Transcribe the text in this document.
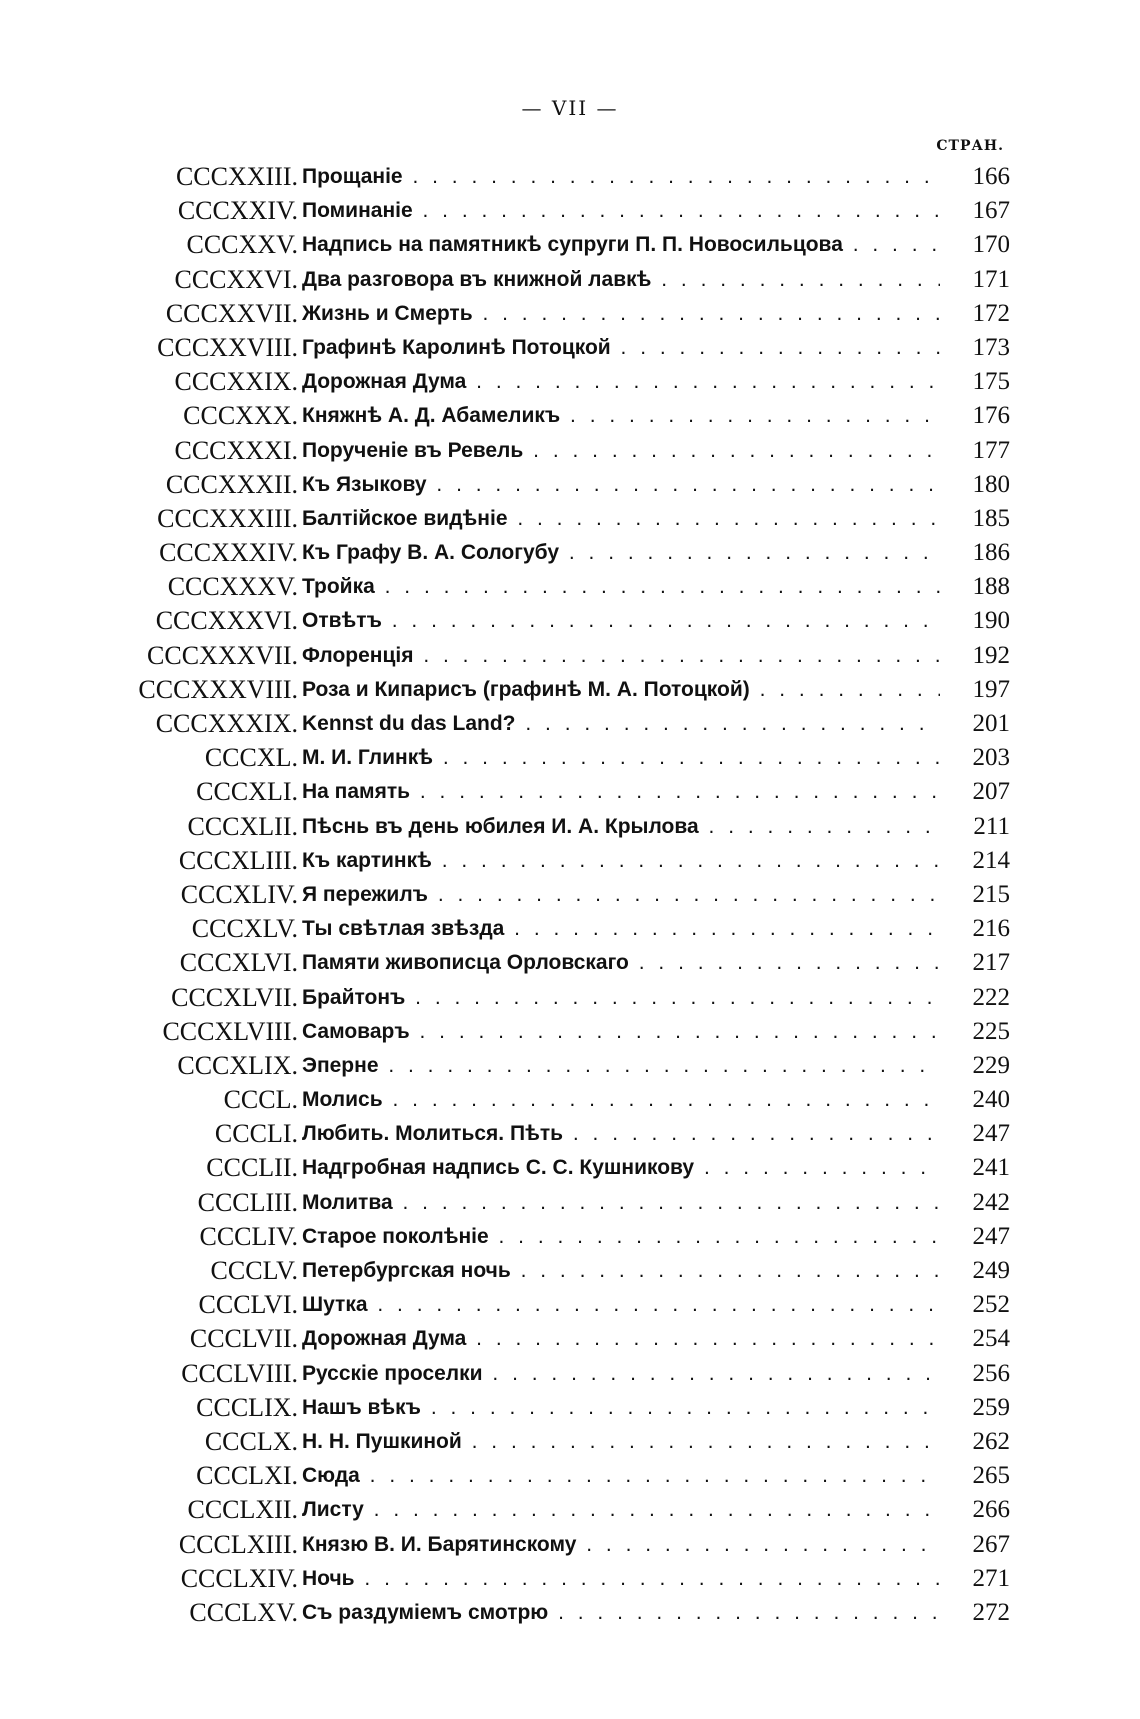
— VII —
СТРАН.
CCCXXIII. Прощаніе . . .	166
CCCXXIV. Поминаніе . . .	167
CCCXXV. Надпись на памятникѣ супруги П. П. Новосильцова . . .	170
CCCXXVI. Два разговора въ книжной лавкѣ . . .	171
CCCXXVII. Жизнь и Смерть . . .	172
CCCXXVIII. Графинѣ Каролинѣ Потоцкой . . .	173
CCCXXIX. Дорожная Дума . . .	175
CCCXXX. Княжнѣ А. Д. Абамеликъ . . .	176
CCCXXXI. Порученіе въ Ревель . . .	177
CCCXXXII. Къ Языкову . . .	180
CCCXXXIII. Балтійское видѣніе . . .	185
CCCXXXIV. Къ Графу В. А. Сологубу . . .	186
CCCXXXV. Тройка . . .	188
CCCXXXVI. Отвѣтъ . . .	190
CCCXXXVII. Флоренція . . .	192
CCCXXXVIII. Роза и Кипарисъ (графинѣ М. А. Потоцкой) . . .	197
CCCXXXIX. Kennst du das Land? . . .	201
CCCXL. М. И. Глинкѣ . . .	203
CCCXLI. На память . . .	207
CCCXLII. Пѣснь въ день юбилея И. А. Крылова . . .	211
CCCXLIII. Къ картинкѣ . . .	214
CCCXLIV. Я пережилъ . . .	215
CCCXLV. Ты свѣтлая звѣзда . . .	216
CCCXLVI. Памяти живописца Орловскаго . . .	217
CCCXLVII. Брайтонъ . . .	222
CCCXLVIII. Самоваръ . . .	225
CCCXLIX. Эперне . . .	229
CCCL. Молись . . .	240
CCCLI. Любить. Молиться. Пѣть . . .	247
CCCLII. Надгробная надпись С. С. Кушникову . . .	241
CCCLIII. Молитва . . .	242
CCCLIV. Старое поколѣніе . . .	247
CCCLV. Петербургская ночь . . .	249
CCCLVI. Шутка . . .	252
CCCLVII. Дорожная Дума . . .	254
CCCLVIII. Русскіе проселки . . .	256
CCCLIX. Нашъ вѣкъ . . .	259
CCCLX. Н. Н. Пушкиной . . .	262
CCCLXI. Сюда . . .	265
CCCLXII. Листу . . .	266
CCCLXIII. Князю В. И. Барятинскому . . .	267
CCCLXIV. Ночь . . .	271
CCCLXV. Съ раздуміемъ смотрю . . .	272
